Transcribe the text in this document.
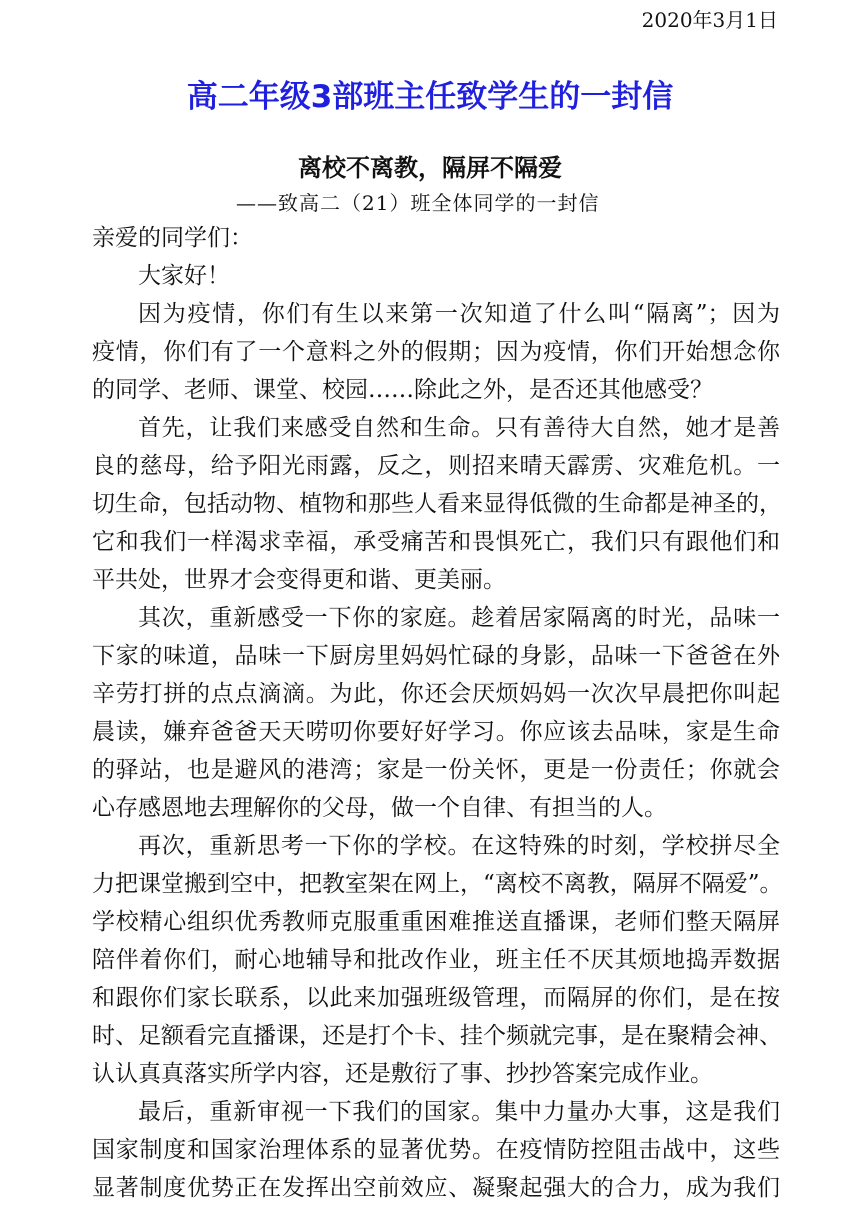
2020年3月1日
高二年级3部班主任致学生的一封信
离校不离教，隔屏不隔爱
——致高二（21）班全体同学的一封信
亲爱的同学们：
大家好！
因为疫情，你们有生以来第一次知道了什么叫“隔离”；因为
疫情，你们有了一个意料之外的假期；因为疫情，你们开始想念你
的同学、老师、课堂、校园……除此之外，是否还其他感受？
首先，让我们来感受自然和生命。只有善待大自然，她才是善
良的慈母，给予阳光雨露，反之，则招来晴天霹雳、灾难危机。一
切生命，包括动物、植物和那些人看来显得低微的生命都是神圣的，
它和我们一样渴求幸福，承受痛苦和畏惧死亡，我们只有跟他们和
平共处，世界才会变得更和谐、更美丽。
其次，重新感受一下你的家庭。趁着居家隔离的时光，品味一
下家的味道，品味一下厨房里妈妈忙碌的身影，品味一下爸爸在外
辛劳打拼的点点滴滴。为此，你还会厌烦妈妈一次次早晨把你叫起
晨读，嫌弃爸爸天天唠叨你要好好学习。你应该去品味，家是生命
的驿站，也是避风的港湾；家是一份关怀，更是一份责任；你就会
心存感恩地去理解你的父母，做一个自律、有担当的人。
再次，重新思考一下你的学校。在这特殊的时刻，学校拼尽全
力把课堂搬到空中，把教室架在网上，“离校不离教，隔屏不隔爱”。
学校精心组织优秀教师克服重重困难推送直播课，老师们整天隔屏
陪伴着你们，耐心地辅导和批改作业，班主任不厌其烦地捣弄数据
和跟你们家长联系，以此来加强班级管理，而隔屏的你们，是在按
时、足额看完直播课，还是打个卡、挂个频就完事，是在聚精会神、
认认真真落实所学内容，还是敷衍了事、抄抄答案完成作业。
最后，重新审视一下我们的国家。集中力量办大事，这是我们
国家制度和国家治理体系的显著优势。在疫情防控阻击战中，这些
显著制度优势正在发挥出空前效应、凝聚起强大的合力，成为我们
